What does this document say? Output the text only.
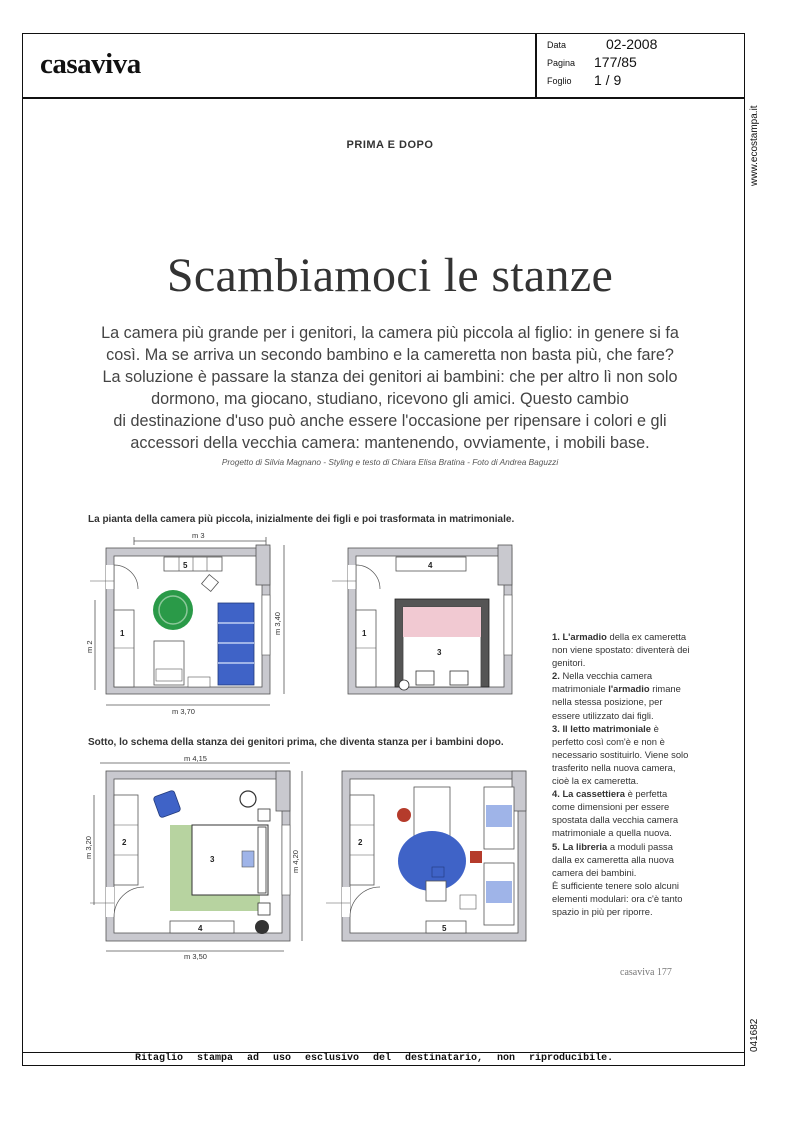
casaviva
Data	02-2008
Pagina 177/85
Foglio 1 / 9
www.ecostampa.it
041682
PRIMA E DOPO
Scambiamoci le stanze
La camera più grande per i genitori, la camera più piccola al figlio: in genere si fa
così. Ma se arriva un secondo bambino e la cameretta non basta più, che fare?
La soluzione è passare la stanza dei genitori ai bambini: che per altro lì non solo
dormono, ma giocano, studiano, ricevono gli amici. Questo cambio
di destinazione d'uso può anche essere l'occasione per ripensare i colori e gli
accessori della vecchia camera: mantenendo, ovviamente, i mobili base.
Progetto di Silvia Magnano - Styling e testo di Chiara Elisa Bratina - Foto di Andrea Baguzzi
La pianta della camera più piccola, inizialmente dei figli e poi trasformata in matrimoniale.
Sotto, lo schema della stanza dei genitori prima, che diventa stanza per i bambini dopo.
m 3
1
5
m 3,70
m 2
m 3,40	1
4
3
m 4,15
2
3
4
m 3,50
m 3,20
m 4,20
2
5
1. L'armadio della ex cameretta non viene spostato: diventerà dei genitori.
2. Nella vecchia camera matrimoniale l'armadio rimane nella stessa posizione, per essere utilizzato dai figli.
3. Il letto matrimoniale è perfetto così com'è e non è necessario sostituirlo. Viene solo trasferito nella nuova camera, cioè la ex cameretta.
4. La cassettiera è perfetta come dimensioni per essere spostata dalla vecchia camera matrimoniale a quella nuova.
5. La libreria a moduli passa dalla ex cameretta alla nuova camera dei bambini.
È sufficiente tenere solo alcuni elementi modulari: ora c'è tanto spazio in più per riporre.
casaviva 177
Ritaglio stampa ad uso esclusivo del destinatario, non riproducibile.
